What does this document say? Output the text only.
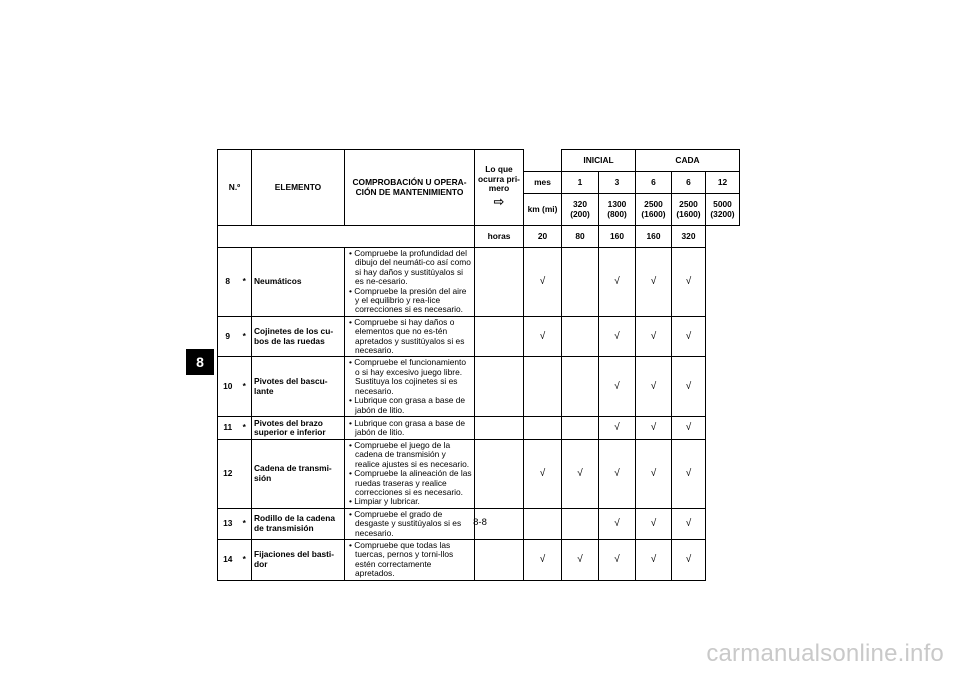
8
N.º		ELEMENTO	COMPROBACIÓN U OPERA-CIÓN DE MANTENIMIENTO	Lo que ocurra pri-mero
⇨		INICIAL		CADA		
					mes	1	3	6	6	12
					km (mi)	320 (200)	1300 (800)	2500 (1600)	2500 (1600)	5000 (3200)
				horas	20	80	160	160	320	
8	*	Neumáticos	• Compruebe la profundidad del dibujo del neumáti-co así como si hay daños y sustitúyalos si es ne-cesario.
• Compruebe la presión del aire y el equilibrio y rea-lice correcciones si es necesario.		√		√	√	√	
9	*	Cojinetes de los cu-bos de las ruedas	• Compruebe si hay daños o elementos que no es-tén apretados y sustitúyalos si es necesario.		√		√	√	√	
10	*	Pivotes del bascu-lante	• Compruebe el funcionamiento o si hay excesivo juego libre. Sustituya los cojinetes si es necesario.
• Lubrique con grasa a base de jabón de litio.				√	√	√	
11	*	Pivotes del brazo superior e inferior	• Lubrique con grasa a base de jabón de litio.				√	√	√	
12		Cadena de transmi-sión	• Compruebe el juego de la cadena de transmisión y realice ajustes si es necesario.
• Compruebe la alineación de las ruedas traseras y realice correcciones si es necesario.
• Limpiar y lubricar.		√	√	√	√	√	
13	*	Rodillo de la cadena de transmisión	• Compruebe el grado de desgaste y sustitúyalos si es necesario.				√	√	√	
14	*	Fijaciones del basti-dor	• Compruebe que todas las tuercas, pernos y torni-llos estén correctamente apretados.		√	√	√	√	√	
8-8
carmanualsonline.info
